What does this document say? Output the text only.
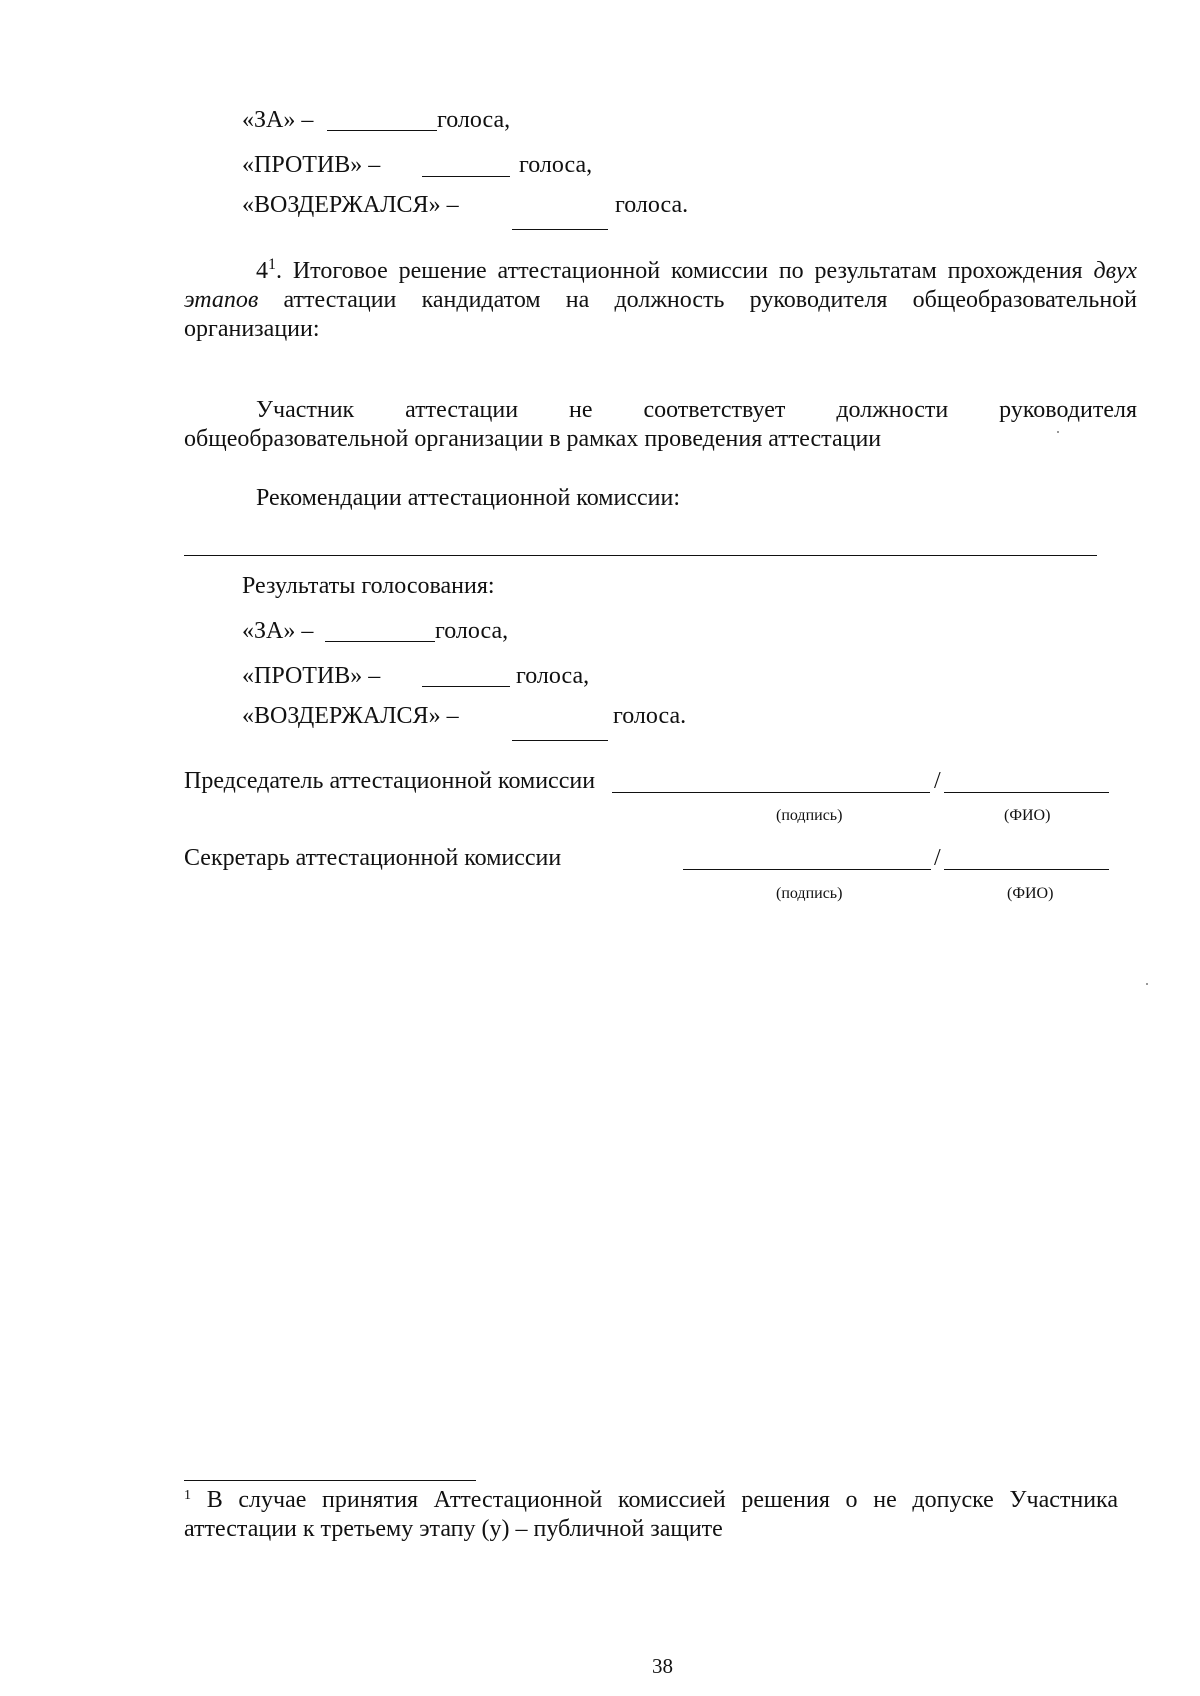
«ЗА» –	голоса,
«ПРОТИВ» –	голоса,
«ВОЗДЕРЖАЛСЯ» –	голоса.
$4^1$. Итоговое решение аттестационной комиссии по результатам прохождения двух этапов аттестации кандидатом на должность руководителя общеобразовательной организации:
Участник аттестации не соответствует должности руководителя общеобразовательной организации в рамках проведения аттестации
Рекомендации аттестационной комиссии:
Результаты голосования:
«ЗА» –	голоса,
«ПРОТИВ» –	голоса,
«ВОЗДЕРЖАЛСЯ» –	голоса.
Председатель аттестационной комиссии	/
(подпись)	(ФИО)
Секретарь аттестационной комиссии	/
(подпись)	(ФИО)
$^1$ В случае принятия Аттестационной комиссией решения о не допуске Участника аттестации к третьему этапу (у) – публичной защите
38
